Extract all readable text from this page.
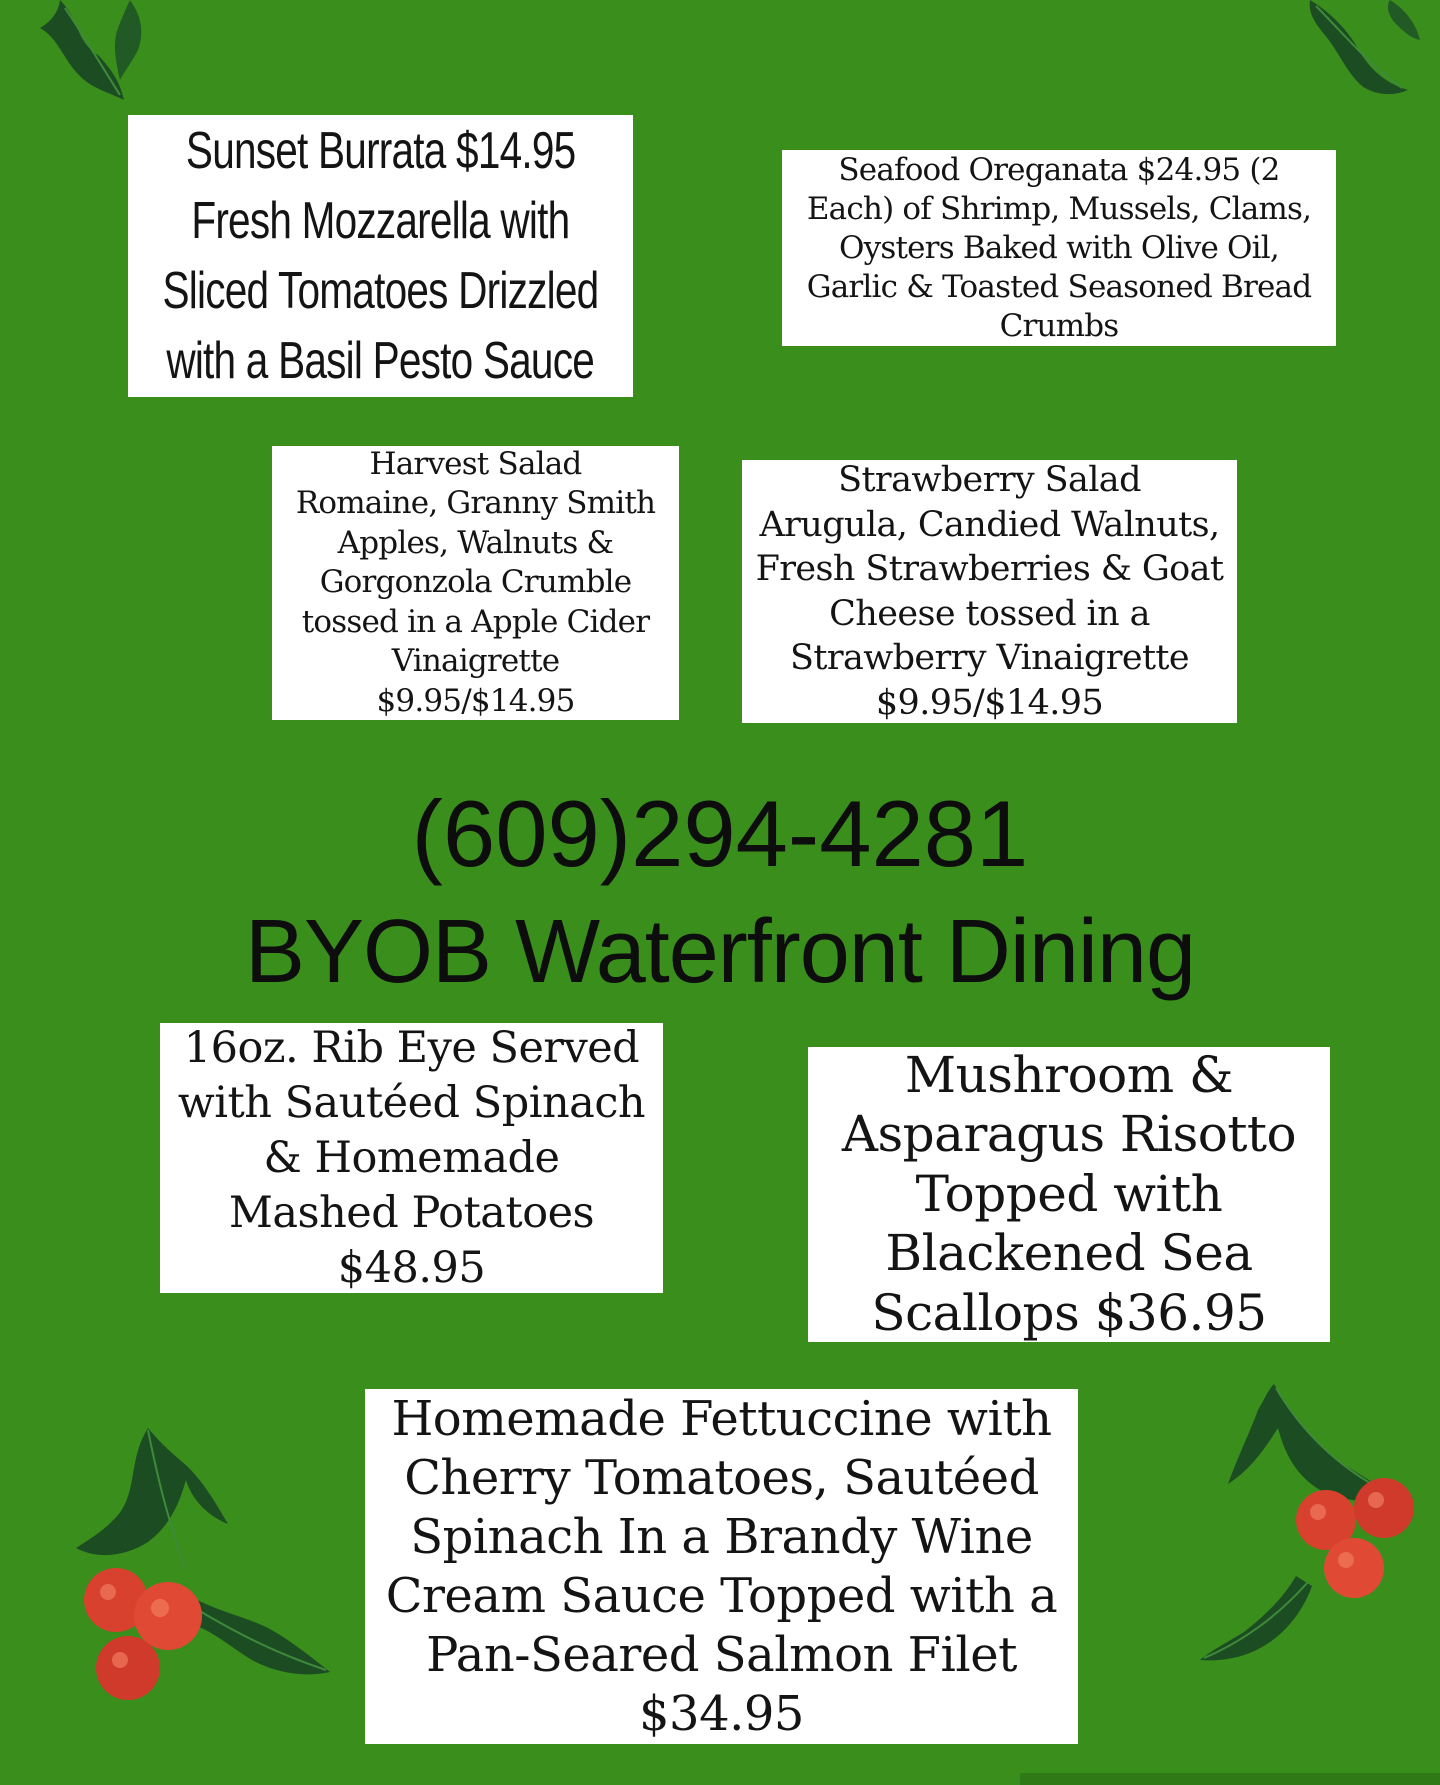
Sunset Burrata $14.95
Fresh Mozzarella with
Sliced Tomatoes Drizzled
with a Basil Pesto Sauce
Seafood Oreganata $24.95 (2
Each) of Shrimp, Mussels, Clams,
Oysters Baked with Olive Oil,
Garlic & Toasted Seasoned Bread
Crumbs
Harvest Salad
Romaine, Granny Smith
Apples, Walnuts &
Gorgonzola Crumble
tossed in a Apple Cider
Vinaigrette
$9.95/$14.95
Strawberry Salad
Arugula, Candied Walnuts,
Fresh Strawberries & Goat
Cheese tossed in a
Strawberry Vinaigrette
$9.95/$14.95
(609)294-4281
BYOB Waterfront Dining
16oz. Rib Eye Served
with Sautéed Spinach
& Homemade
Mashed Potatoes
$48.95
Mushroom &
Asparagus Risotto
Topped with
Blackened Sea
Scallops $36.95
Homemade Fettuccine with
Cherry Tomatoes, Sautéed
Spinach In a Brandy Wine
Cream Sauce Topped with a
Pan-Seared Salmon Filet
$34.95
